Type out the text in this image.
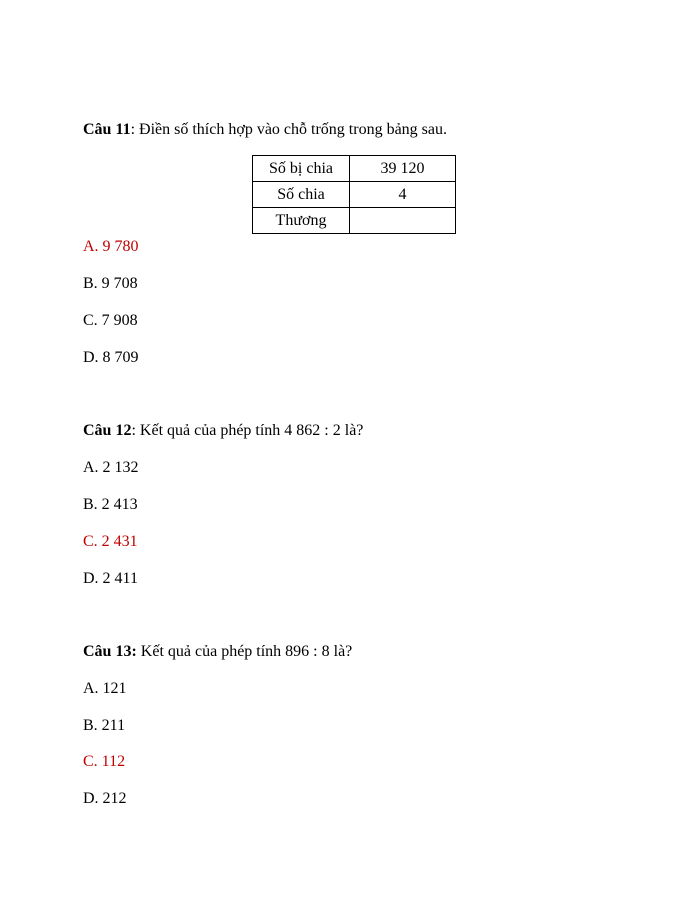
Câu 11: Điền số thích hợp vào chỗ trống trong bảng sau.
Số bị chia	39 120
Số chia	4
Thương	
A. 9 780
B. 9 708
C. 7 908
D. 8 709
Câu 12: Kết quả của phép tính 4 862 : 2 là?
A. 2 132
B. 2 413
C. 2 431
D. 2 411
Câu 13: Kết quả của phép tính 896 : 8 là?
A. 121
B. 211
C. 112
D. 212
